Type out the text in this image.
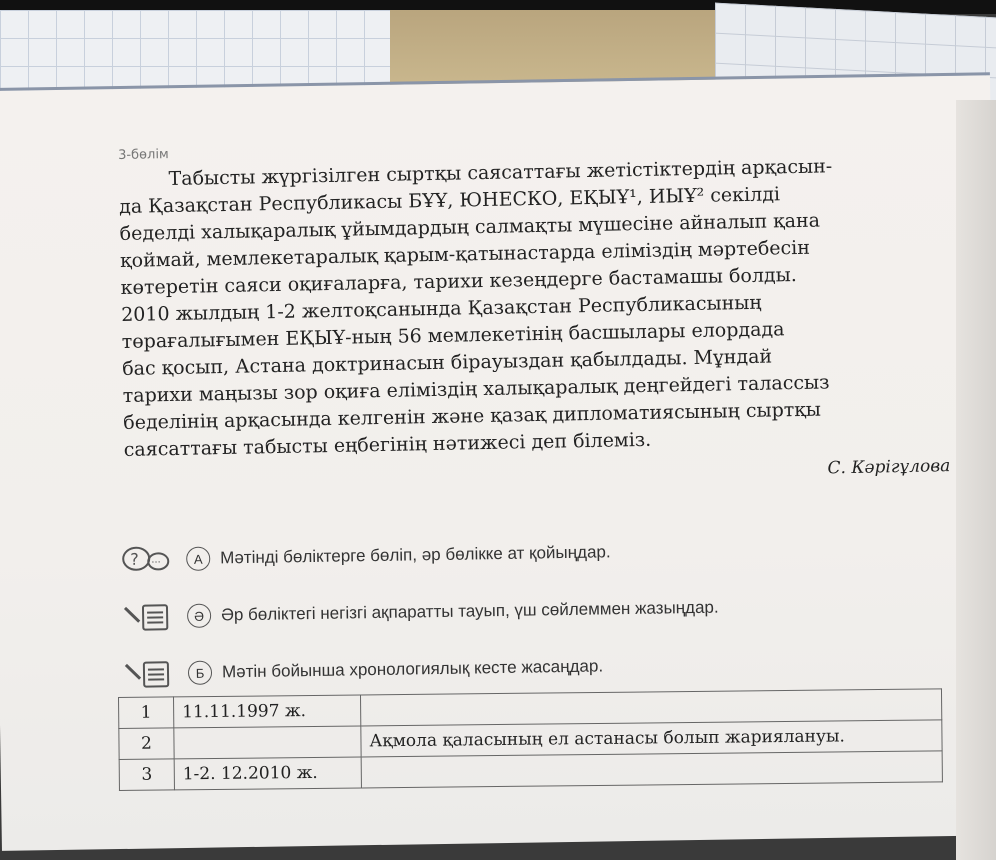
3-бөлім

Табысты жүргізілген сыртқы саясаттағы жетістіктердің арқасын-
да Қазақстан Республикасы БҰҰ, ЮНЕСКО, ЕҚЫҰ¹, ИЫҰ² секілді
беделді халықаралық ұйымдардың салмақты мүшесіне айналып қана
қоймай, мемлекетаралық қарым-қатынастарда еліміздің мәртебесін
көтеретін саяси оқиғаларға, тарихи кезеңдерге бастамашы болды.
2010 жылдың 1-2 желтоқсанында Қазақстан Республикасының
төрағалығымен ЕҚЫҰ-ның 56 мемлекетінің басшылары елордада
бас қосып, Астана доктринасын бірауыздан қабылдады. Мұндай
тарихи маңызы зор оқиға еліміздің халықаралық деңгейдегі талассыз
беделінің арқасында келгенін және қазақ дипломатиясының сыртқы
саясаттағы табысты еңбегінің нәтижесі деп білеміз.

С. Кәрігұлова
? ···	А	Мәтінді бөліктерге бөліп, әр бөлікке ат қойыңдар.
Ә Әр бөліктегі негізгі ақпаратты тауып, үш сөйлеммен жазыңдар.
Б	Мәтін бойынша хронологиялық кесте жасаңдар.
1	11.11.1997 ж.	
2		Ақмола қаласының ел астанасы болып жариялануы.
3	1-2. 12.2010 ж.	
